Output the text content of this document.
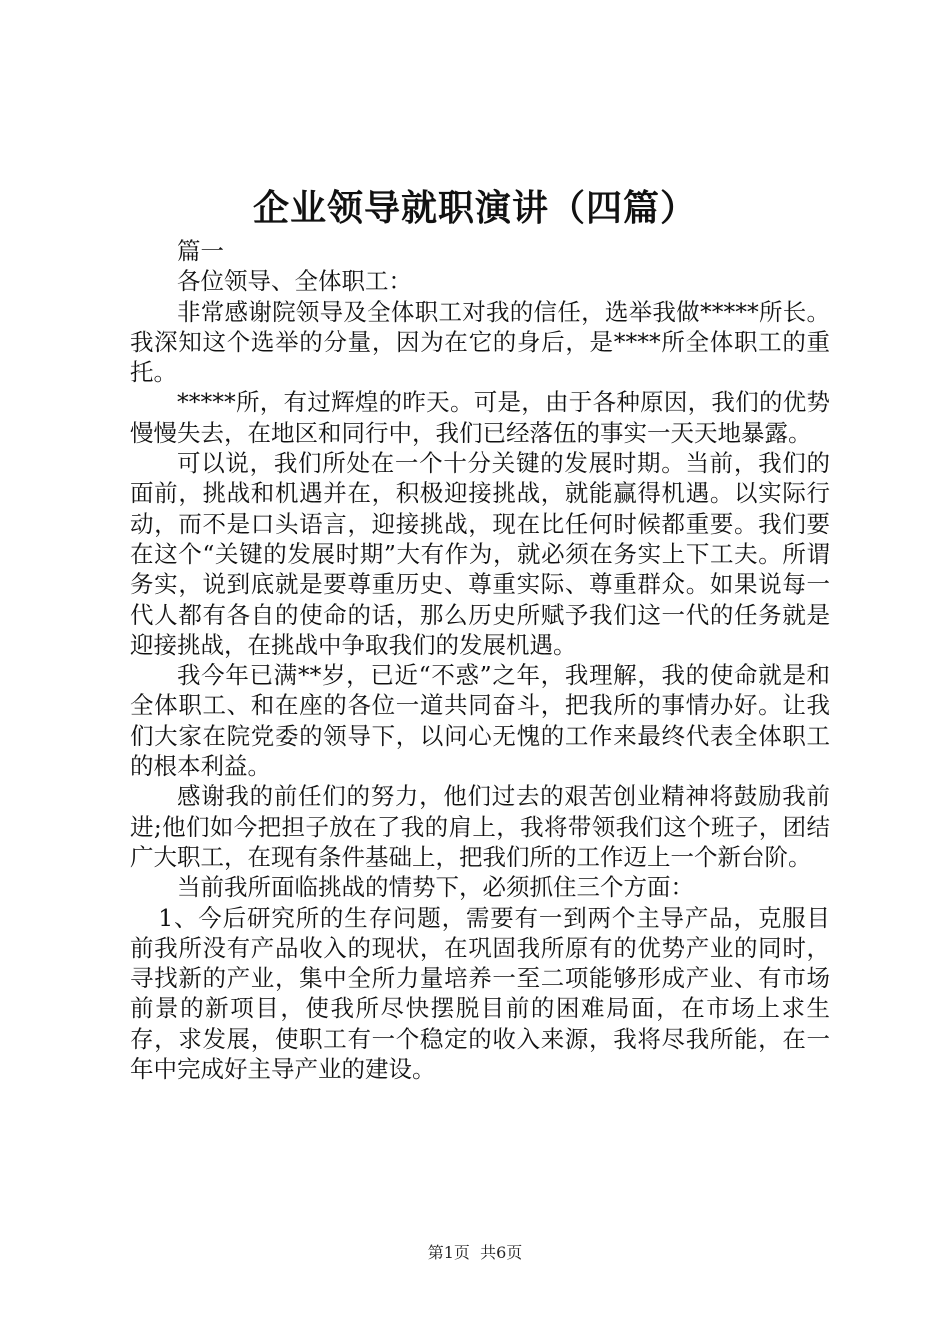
企业领导就职演讲（四篇）

篇一

各位领导、全体职工：

非常感谢院领导及全体职工对我的信任，选举我做*****所长。我深知这个选举的分量，因为在它的身后，是****所全体职工的重托。

*****所，有过辉煌的昨天。可是，由于各种原因，我们的优势慢慢失去，在地区和同行中，我们已经落伍的事实一天天地暴露。

可以说，我们所处在一个十分关键的发展时期。当前，我们的面前，挑战和机遇并在，积极迎接挑战，就能赢得机遇。以实际行动，而不是口头语言，迎接挑战，现在比任何时候都重要。我们要在这个“关键的发展时期”大有作为，就必须在务实上下工夫。所谓务实，说到底就是要尊重历史、尊重实际、尊重群众。如果说每一代人都有各自的使命的话，那么历史所赋予我们这一代的任务就是迎接挑战，在挑战中争取我们的发展机遇。

我今年已满**岁，已近“不惑”之年，我理解，我的使命就是和全体职工、和在座的各位一道共同奋斗，把我所的事情办好。让我们大家在院党委的领导下，以问心无愧的工作来最终代表全体职工的根本利益。

感谢我的前任们的努力，他们过去的艰苦创业精神将鼓励我前进;他们如今把担子放在了我的肩上，我将带领我们这个班子，团结广大职工，在现有条件基础上，把我们所的工作迈上一个新台阶。

当前我所面临挑战的情势下，必须抓住三个方面：

1、今后研究所的生存问题，需要有一到两个主导产品，克服目前我所没有产品收入的现状，在巩固我所原有的优势产业的同时，寻找新的产业，集中全所力量培养一至二项能够形成产业、有市场前景的新项目，使我所尽快摆脱目前的困难局面，在市场上求生存，求发展，使职工有一个稳定的收入来源，我将尽我所能，在一年中完成好主导产业的建设。

第1页 共6页
